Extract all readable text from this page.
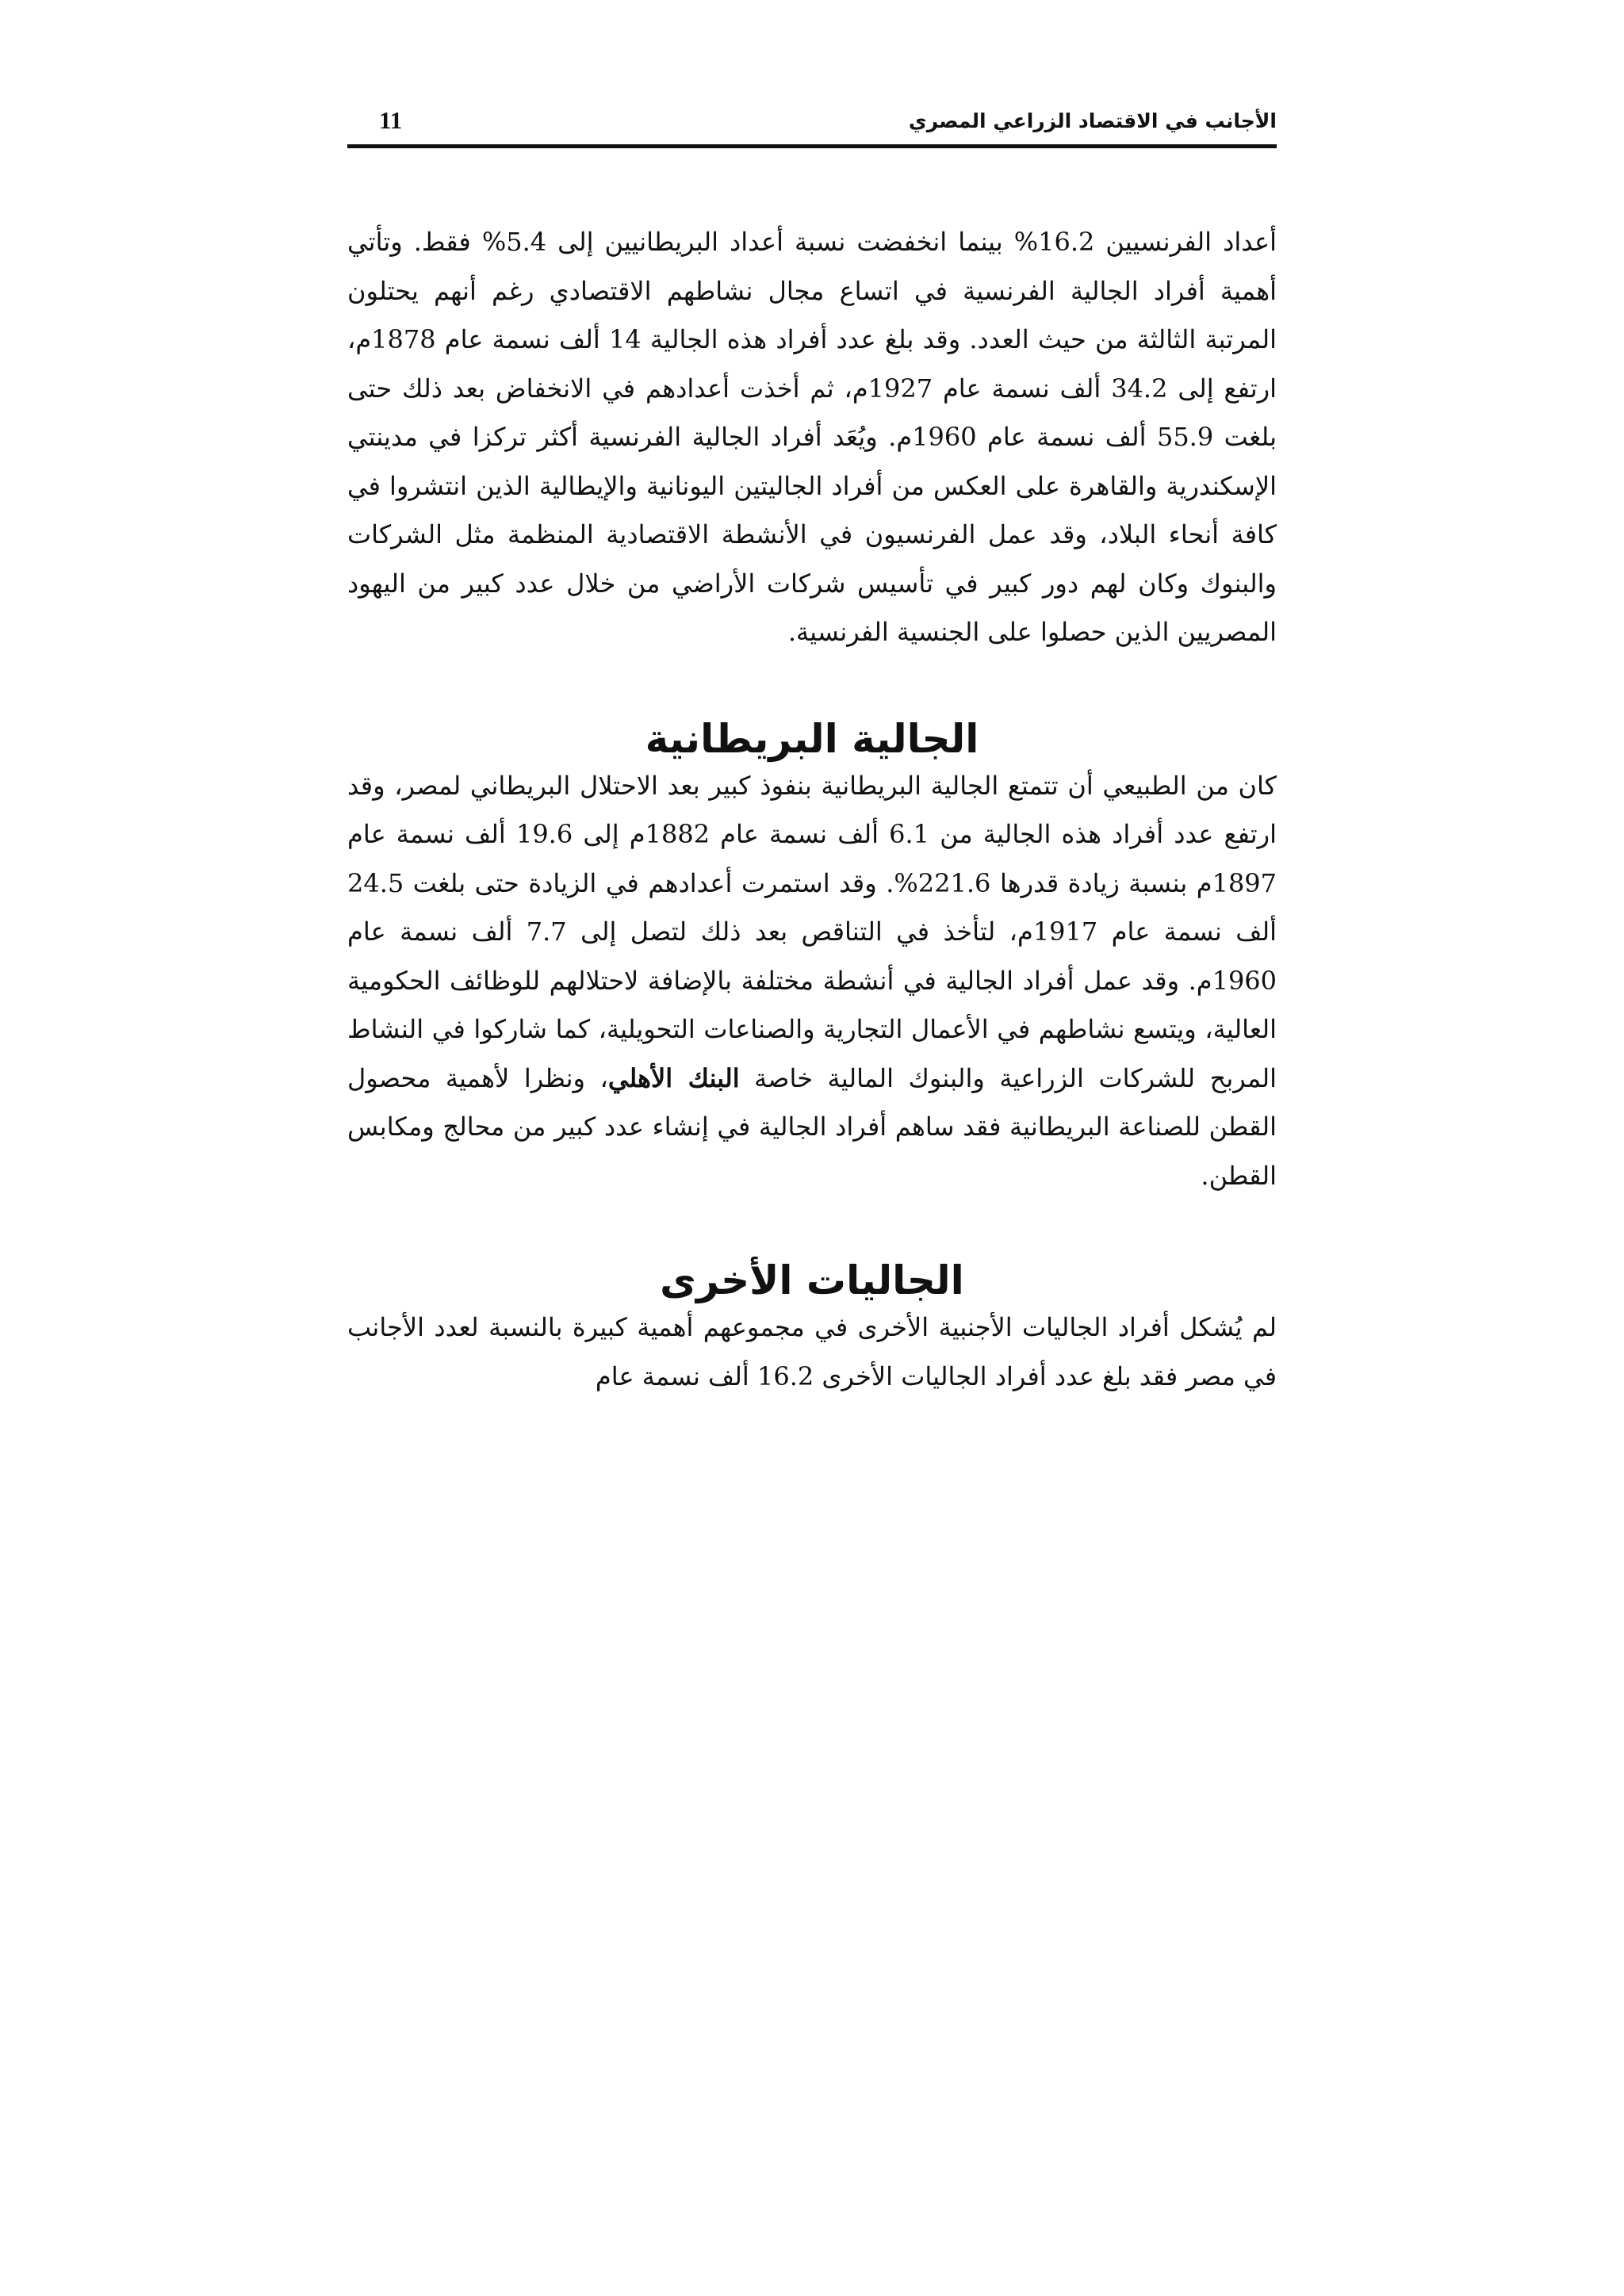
الأجانب في الاقتصاد الزراعي المصري
11

أعداد الفرنسيين 16.2% بينما انخفضت نسبة أعداد البريطانيين إلى 5.4% فقط. وتأتي أهمية أفراد الجالية الفرنسية في اتساع مجال نشاطهم الاقتصادي رغم أنهم يحتلون المرتبة الثالثة من حيث العدد. وقد بلغ عدد أفراد هذه الجالية 14 ألف نسمة عام 1878م، ارتفع إلى 34.2 ألف نسمة عام 1927م، ثم أخذت أعدادهم في الانخفاض بعد ذلك حتى بلغت 55.9 ألف نسمة عام 1960م. ويُعَد أفراد الجالية الفرنسية أكثر تركزا في مدينتي الإسكندرية والقاهرة على العكس من أفراد الجاليتين اليونانية والإيطالية الذين انتشروا في كافة أنحاء البلاد، وقد عمل الفرنسيون في الأنشطة الاقتصادية المنظمة مثل الشركات والبنوك وكان لهم دور كبير في تأسيس شركات الأراضي من خلال عدد كبير من اليهود المصريين الذين حصلوا على الجنسية الفرنسية.

الجالية البريطانية

كان من الطبيعي أن تتمتع الجالية البريطانية بنفوذ كبير بعد الاحتلال البريطاني لمصر، وقد ارتفع عدد أفراد هذه الجالية من 6.1 ألف نسمة عام 1882م إلى 19.6 ألف نسمة عام 1897م بنسبة زيادة قدرها 221.6%. وقد استمرت أعدادهم في الزيادة حتى بلغت 24.5 ألف نسمة عام 1917م، لتأخذ في التناقص بعد ذلك لتصل إلى 7.7 ألف نسمة عام 1960م. وقد عمل أفراد الجالية في أنشطة مختلفة بالإضافة لاحتلالهم للوظائف الحكومية العالية، ويتسع نشاطهم في الأعمال التجارية والصناعات التحويلية، كما شاركوا في النشاط المربح للشركات الزراعية والبنوك المالية خاصة البنك الأهلي، ونظرا لأهمية محصول القطن للصناعة البريطانية فقد ساهم أفراد الجالية في إنشاء عدد كبير من محالج ومكابس القطن.

الجاليات الأخرى

لم يُشكل أفراد الجاليات الأجنبية الأخرى في مجموعهم أهمية كبيرة بالنسبة لعدد الأجانب في مصر فقد بلغ عدد أفراد الجاليات الأخرى 16.2 ألف نسمة عام
